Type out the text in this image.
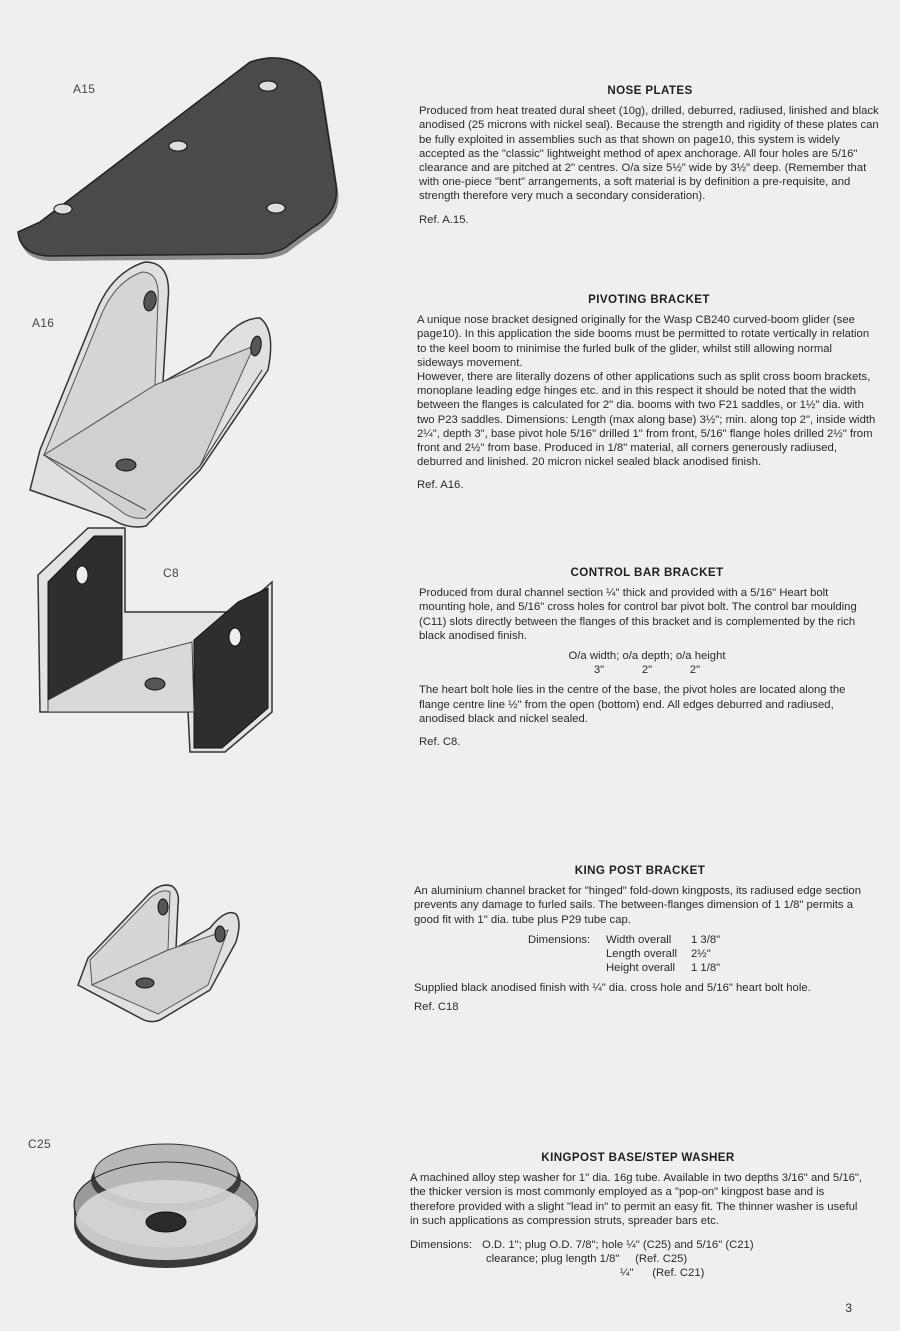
A15
A16
C8
C25
NOSE PLATES

Produced from heat treated dural sheet (10g), drilled, deburred, radiused, linished and black anodised (25 microns with nickel seal). Because the strength and rigidity of these plates can be fully exploited in assemblies such as that shown on page10, this system is widely accepted as the "classic" lightweight method of apex anchorage. All four holes are 5/16" clearance and are pitched at 2" centres. O/a size 5½" wide by 3½" deep. (Remember that with one-piece "bent" arrangements, a soft material is by definition a pre-requisite, and strength therefore very much a secondary consideration).

Ref. A.15.

PIVOTING BRACKET

A unique nose bracket designed originally for the Wasp CB240 curved-boom glider (see page10). In this application the side booms must be permitted to rotate vertically in relation to the keel boom to minimise the furled bulk of the glider, whilst still allowing normal sideways movement.
However, there are literally dozens of other applications such as split cross boom brackets, monoplane leading edge hinges etc. and in this respect it should be noted that the width between the flanges is calculated for 2" dia. booms with two F21 saddles, or 1½" dia. with two P23 saddles. Dimensions: Length (max along base) 3½"; min. along top 2", inside width 2¼", depth 3", base pivot hole 5/16" drilled 1" from front, 5/16" flange holes drilled 2½" from front and 2½" from base. Produced in 1/8" material, all corners generously radiused, deburred and linished. 20 micron nickel sealed black anodised finish.

Ref. A16.

CONTROL BAR BRACKET

Produced from dural channel section ¼" thick and provided with a 5/16" Heart bolt mounting hole, and 5/16" cross holes for control bar pivot bolt. The control bar moulding (C11) slots directly between the flanges of this bracket and is complemented by the rich black anodised finish.

O/a width; o/a depth; o/a height
3"            2"            2"

The heart bolt hole lies in the centre of the base, the pivot holes are located along the flange centre line ½" from the open (bottom) end. All edges deburred and radiused, anodised black and nickel sealed.

Ref. C8.

KING POST BRACKET

An aluminium channel bracket for "hinged" fold-down kingposts, its radiused edge section prevents any damage to furled sails. The between-flanges dimension of 1 1/8" permits a good fit with 1" dia. tube plus P29 tube cap.

Dimensions:	Width overall
Length overall
Height overall
1 3/8"
2½"
1 1/8"

Supplied black anodised finish with ¼" dia. cross hole and 5/16" heart bolt hole.

Ref. C18

KINGPOST BASE/STEP WASHER

A machined alloy step washer for 1" dia. 16g tube. Available in two depths 3/16" and 5/16", the thicker version is most commonly employed as a "pop-on" kingpost base and is therefore provided with a slight "lead in" to permit an easy fit. The thinner washer is useful in such applications as compression struts, spreader bars etc.

Dimensions: O.D. 1"; plug O.D. 7/8"; hole ¼" (C25) and 5/16" (C21)
clearance; plug length 1/8"     (Ref. C25)
¼"      (Ref. C21)
3
